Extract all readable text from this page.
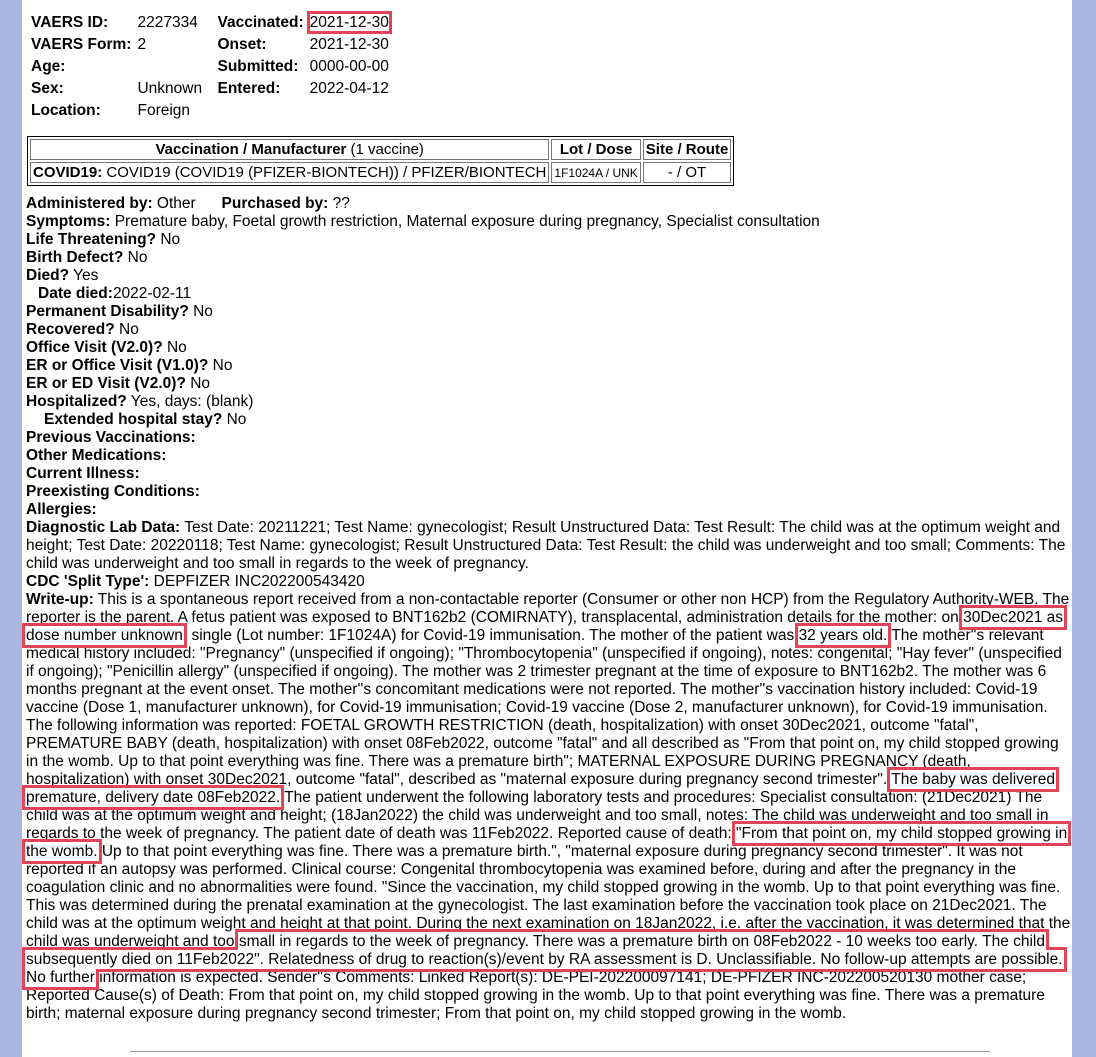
VAERS ID:	2227334	Vaccinated:	2021-12-30
VAERS Form:	2	Onset:	2021-12-30
Age:		Submitted:	0000-00-00
Sex:	Unknown	Entered:	2022-04-12
Location:	Foreign		
Vaccination / Manufacturer (1 vaccine)	Lot / Dose	Site / Route
COVID19: COVID19 (COVID19 (PFIZER-BIONTECH)) / PFIZER/BIONTECH	1F1024A / UNK	- / OT
Administered by: Other Purchased by: ??
Symptoms: Premature baby, Foetal growth restriction, Maternal exposure during pregnancy, Specialist consultation
Life Threatening? No
Birth Defect? No
Died? Yes
Date died:2022-02-11
Permanent Disability? No
Recovered? No
Office Visit (V2.0)? No
ER or Office Visit (V1.0)? No
ER or ED Visit (V2.0)? No
Hospitalized? Yes, days: (blank)
Extended hospital stay? No
Previous Vaccinations:
Other Medications:
Current Illness:
Preexisting Conditions:
Allergies:
Diagnostic Lab Data: Test Date: 20211221; Test Name: gynecologist; Result Unstructured Data: Test Result: The child was at the optimum weight and height; Test Date: 20220118; Test Name: gynecologist; Result Unstructured Data: Test Result: the child was underweight and too small; Comments: The child was underweight and too small in regards to the week of pregnancy.
CDC 'Split Type': DEPFIZER INC202200543420
Write-up: This is a spontaneous report received from a non-contactable reporter (Consumer or other non HCP) from the Regulatory Authority-WEB. The reporter is the parent. A fetus patient was exposed to BNT162b2 (COMIRNATY), transplacental, administration details for the mother: on 30Dec2021 as dose number unknown, single (Lot number: 1F1024A) for Covid-19 immunisation. The mother of the patient was 32 years old. The mother''s relevant medical history included: "Pregnancy" (unspecified if ongoing); "Thrombocytopenia" (unspecified if ongoing), notes: congenital; "Hay fever" (unspecified if ongoing); "Penicillin allergy" (unspecified if ongoing). The mother was 2 trimester pregnant at the time of exposure to BNT162b2. The mother was 6 months pregnant at the event onset. The mother''s concomitant medications were not reported. The mother''s vaccination history included: Covid-19 vaccine (Dose 1, manufacturer unknown), for Covid-19 immunisation; Covid-19 vaccine (Dose 2, manufacturer unknown), for Covid-19 immunisation. The following information was reported: FOETAL GROWTH RESTRICTION (death, hospitalization) with onset 30Dec2021, outcome "fatal", PREMATURE BABY (death, hospitalization) with onset 08Feb2022, outcome "fatal" and all described as "From that point on, my child stopped growing in the womb. Up to that point everything was fine. There was a premature birth"; MATERNAL EXPOSURE DURING PREGNANCY (death, hospitalization) with onset 30Dec2021, outcome "fatal", described as "maternal exposure during pregnancy second trimester". The baby was delivered premature, delivery date 08Feb2022. The patient underwent the following laboratory tests and procedures: Specialist consultation: (21Dec2021) The child was at the optimum weight and height; (18Jan2022) the child was underweight and too small, notes: The child was underweight and too small in regards to the week of pregnancy. The patient date of death was 11Feb2022. Reported cause of death: "From that point on, my child stopped growing in the womb. Up to that point everything was fine. There was a premature birth.", "maternal exposure during pregnancy second trimester". It was not reported if an autopsy was performed. Clinical course: Congenital thrombocytopenia was examined before, during and after the pregnancy in the coagulation clinic and no abnormalities were found. "Since the vaccination, my child stopped growing in the womb. Up to that point everything was fine. This was determined during the prenatal examination at the gynecologist. The last examination before the vaccination took place on 21Dec2021. The child was at the optimum weight and height at that point. During the next examination on 18Jan2022, i.e. after the vaccination, it was determined that the child was underweight and too small in regards to the week of pregnancy. There was a premature birth on 08Feb2022 - 10 weeks too early. The child subsequently died on 11Feb2022". Relatedness of drug to reaction(s)/event by RA assessment is D. Unclassifiable. No follow-up attempts are possible. No further information is expected. Sender''s Comments: Linked Report(s): DE-PEI-202200097141; DE-PFIZER INC-202200520130 mother case; Reported Cause(s) of Death: From that point on, my child stopped growing in the womb. Up to that point everything was fine. There was a premature birth; maternal exposure during pregnancy second trimester; From that point on, my child stopped growing in the womb.
